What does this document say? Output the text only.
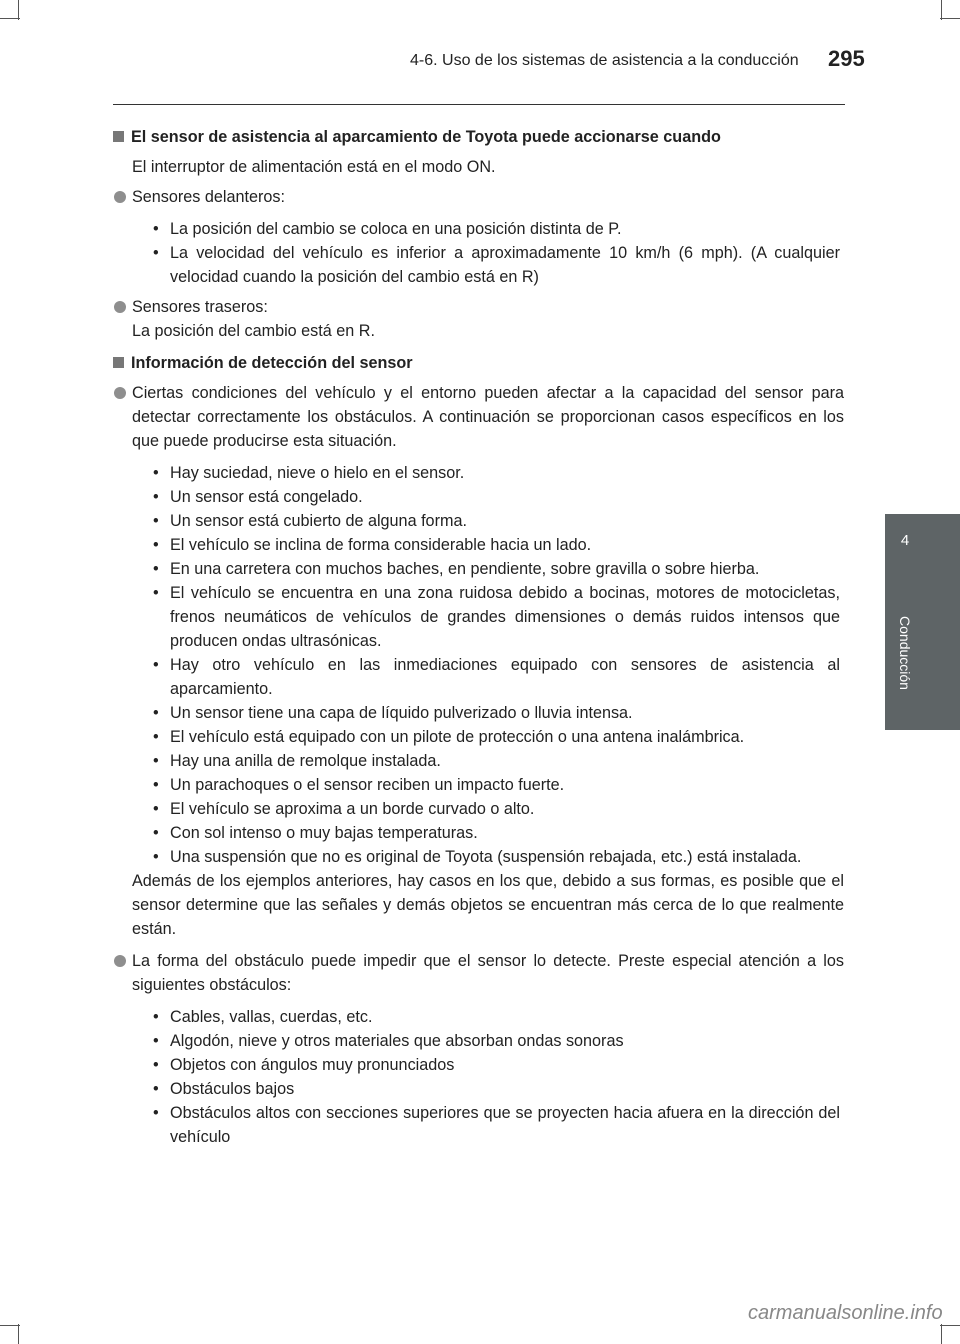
4-6. Uso de los sistemas de asistencia a la conducción 295
4
Conducción
El sensor de asistencia al aparcamiento de Toyota puede accionarse cuando
El interruptor de alimentación está en el modo ON.
Sensores delanteros:
• La posición del cambio se coloca en una posición distinta de P.
• La velocidad del vehículo es inferior a aproximadamente 10 km/h (6 mph). (A cualquier velocidad cuando la posición del cambio está en R)
Sensores traseros:
La posición del cambio está en R.
Información de detección del sensor
Ciertas condiciones del vehículo y el entorno pueden afectar a la capacidad del sensor para detectar correctamente los obstáculos. A continuación se proporcionan casos específicos en los que puede producirse esta situación.
• Hay suciedad, nieve o hielo en el sensor.
• Un sensor está congelado.
• Un sensor está cubierto de alguna forma.
• El vehículo se inclina de forma considerable hacia un lado.
• En una carretera con muchos baches, en pendiente, sobre gravilla o sobre hierba.
• El vehículo se encuentra en una zona ruidosa debido a bocinas, motores de motocicletas, frenos neumáticos de vehículos de grandes dimensiones o demás ruidos intensos que producen ondas ultrasónicas.
• Hay otro vehículo en las inmediaciones equipado con sensores de asistencia al aparcamiento.
• Un sensor tiene una capa de líquido pulverizado o lluvia intensa.
• El vehículo está equipado con un pilote de protección o una antena inalámbrica.
• Hay una anilla de remolque instalada.
• Un parachoques o el sensor reciben un impacto fuerte.
• El vehículo se aproxima a un borde curvado o alto.
• Con sol intenso o muy bajas temperaturas.
• Una suspensión que no es original de Toyota (suspensión rebajada, etc.) está instalada.
Además de los ejemplos anteriores, hay casos en los que, debido a sus formas, es posible que el sensor determine que las señales y demás objetos se encuentran más cerca de lo que realmente están.
La forma del obstáculo puede impedir que el sensor lo detecte. Preste especial atención a los siguientes obstáculos:
• Cables, vallas, cuerdas, etc.
• Algodón, nieve y otros materiales que absorban ondas sonoras
• Objetos con ángulos muy pronunciados
• Obstáculos bajos
• Obstáculos altos con secciones superiores que se proyecten hacia afuera en la dirección del vehículo
carmanualsonline.info
